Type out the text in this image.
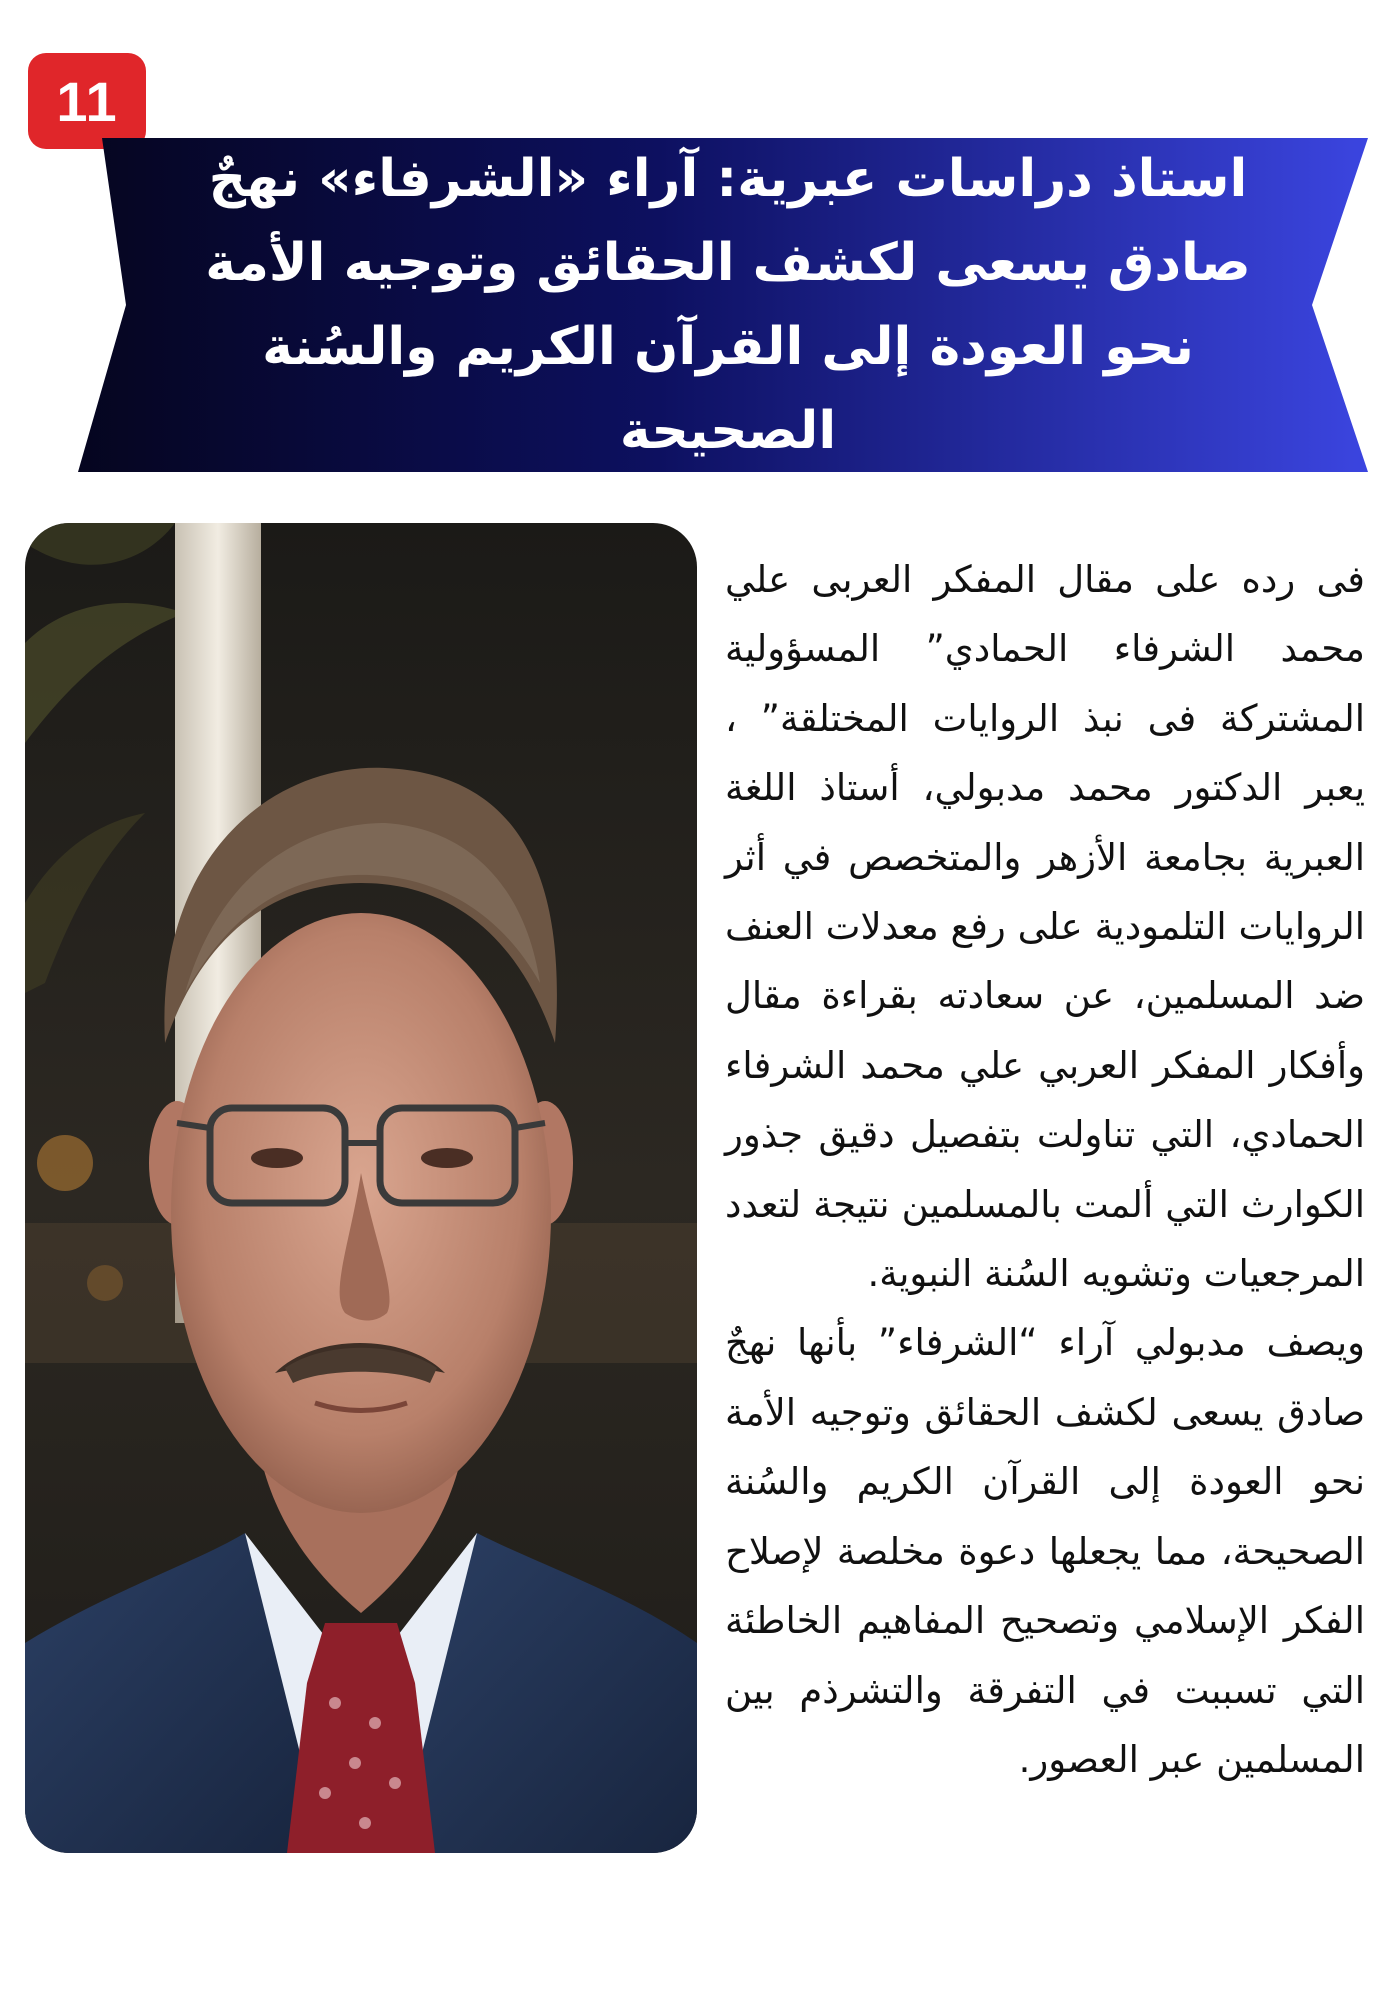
11
استاذ دراسات عبرية: آراء «الشرفاء» نهجٌ صادق يسعى لكشف الحقائق وتوجيه الأمة نحو العودة إلى القرآن الكريم والسُنة الصحيحة

فى رده على مقال المفكر العربى علي محمد الشرفاء الحمادي” المسؤولية المشتركة فى نبذ الروايات المختلقة” ، يعبر الدكتور محمد مدبولي، أستاذ اللغة العبرية بجامعة الأزهر والمتخصص في أثر الروايات التلمودية على رفع معدلات العنف ضد المسلمين، عن سعادته بقراءة مقال وأفكار المفكر العربي علي محمد الشرفاء الحمادي، التي تناولت بتفصيل دقيق جذور الكوارث التي ألمت بالمسلمين نتيجة لتعدد المرجعيات وتشويه السُنة النبوية.

ويصف مدبولي آراء “الشرفاء” بأنها نهجٌ صادق يسعى لكشف الحقائق وتوجيه الأمة نحو العودة إلى القرآن الكريم والسُنة الصحيحة، مما يجعلها دعوة مخلصة لإصلاح الفكر الإسلامي وتصحيح المفاهيم الخاطئة التي تسببت في التفرقة والتشرذم بين المسلمين عبر العصور.
